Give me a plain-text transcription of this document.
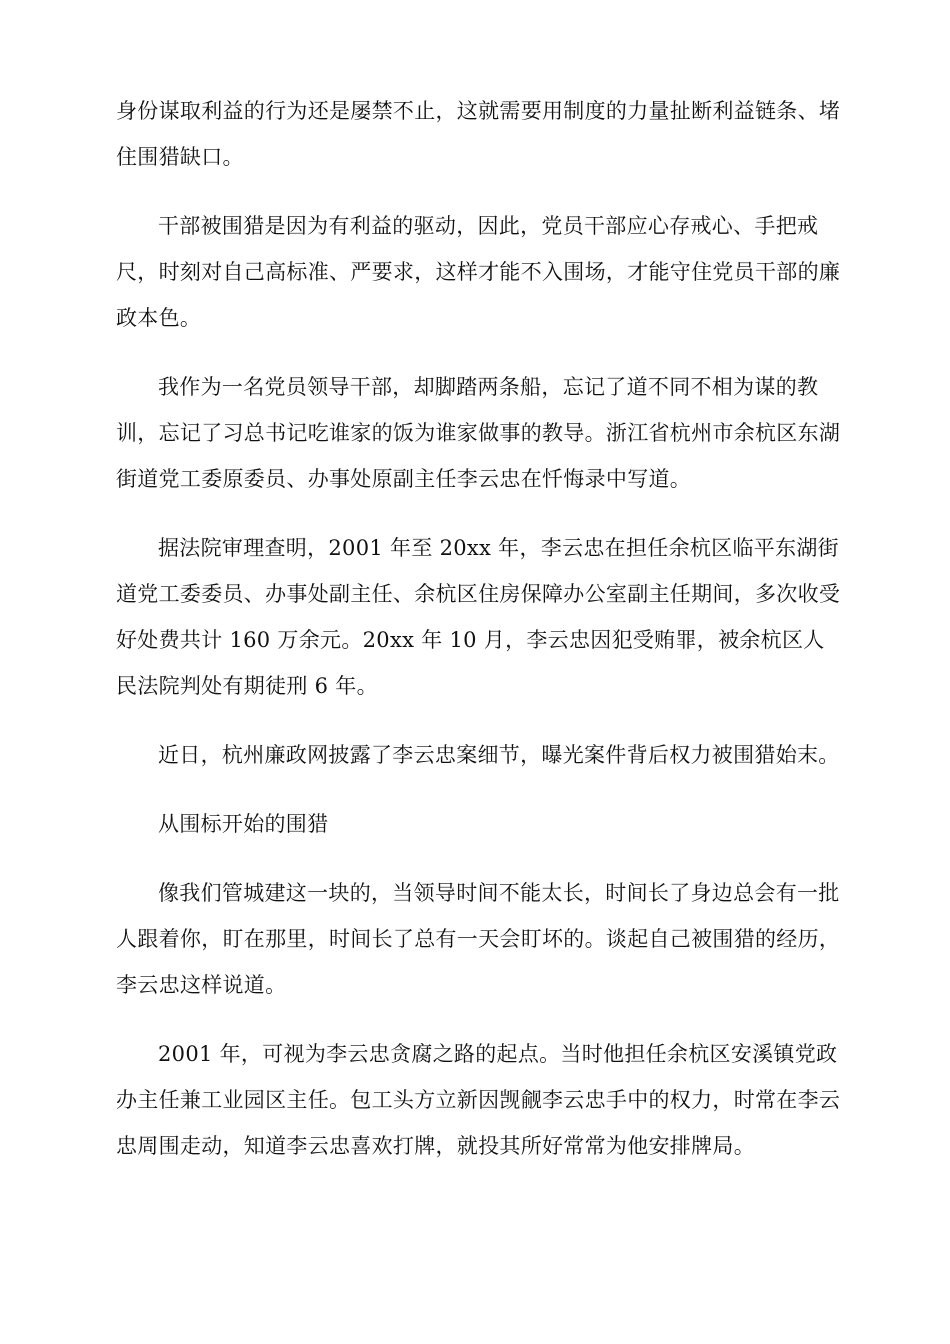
身份谋取利益的行为还是屡禁不止，这就需要用制度的力量扯断利益链条、堵住围猎缺口。

干部被围猎是因为有利益的驱动，因此，党员干部应心存戒心、手把戒尺，时刻对自己高标准、严要求，这样才能不入围场，才能守住党员干部的廉政本色。

我作为一名党员领导干部，却脚踏两条船，忘记了道不同不相为谋的教训，忘记了习总书记吃谁家的饭为谁家做事的教导。浙江省杭州市余杭区东湖街道党工委原委员、办事处原副主任李云忠在忏悔录中写道。

据法院审理查明，2001 年至 20xx 年，李云忠在担任余杭区临平东湖街道党工委委员、办事处副主任、余杭区住房保障办公室副主任期间，多次收受好处费共计 160 万余元。20xx 年 10 月，李云忠因犯受贿罪，被余杭区人民法院判处有期徒刑 6 年。

近日，杭州廉政网披露了李云忠案细节，曝光案件背后权力被围猎始末。

从围标开始的围猎

像我们管城建这一块的，当领导时间不能太长，时间长了身边总会有一批人跟着你，盯在那里，时间长了总有一天会盯坏的。谈起自己被围猎的经历，李云忠这样说道。

2001 年，可视为李云忠贪腐之路的起点。当时他担任余杭区安溪镇党政办主任兼工业园区主任。包工头方立新因觊觎李云忠手中的权力，时常在李云忠周围走动，知道李云忠喜欢打牌，就投其所好常常为他安排牌局。
